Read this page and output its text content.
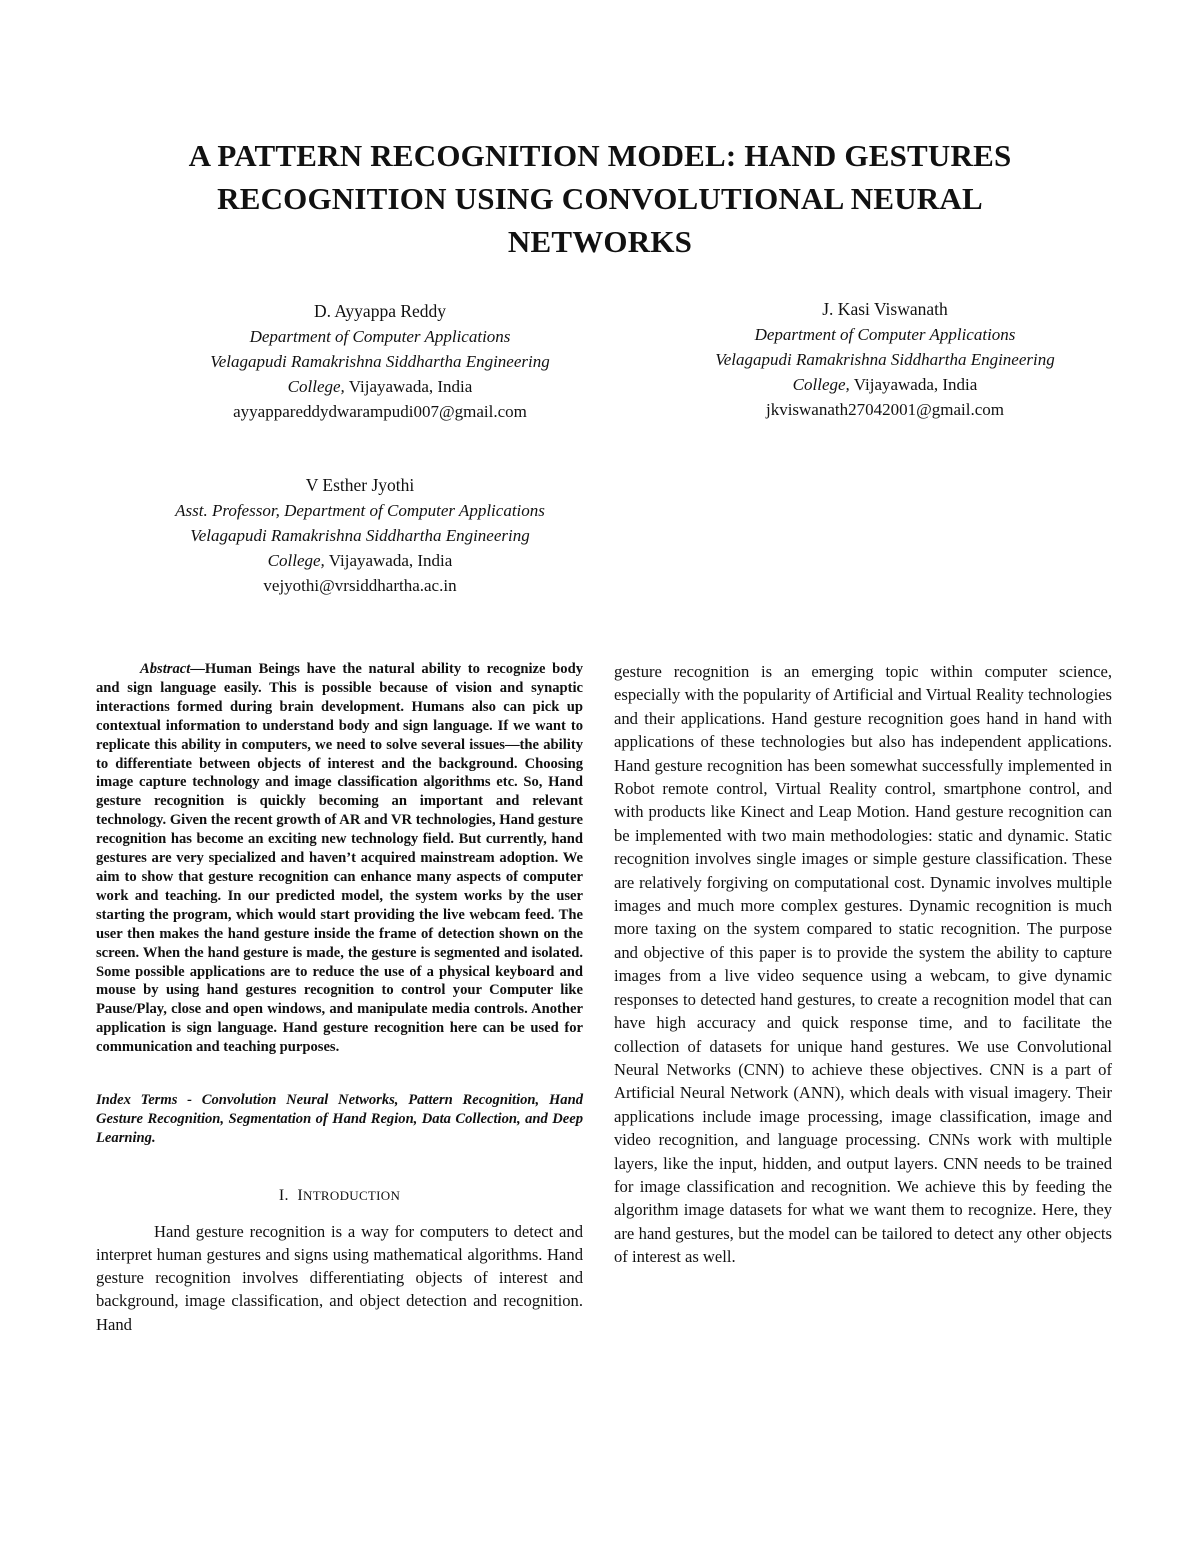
A PATTERN RECOGNITION MODEL: HAND GESTURES
RECOGNITION USING CONVOLUTIONAL NEURAL
NETWORKS
D. Ayyappa Reddy
Department of Computer Applications
Velagapudi Ramakrishna Siddhartha Engineering
College, Vijayawada, India
ayyappareddydwarampudi007@gmail.com
J. Kasi Viswanath
Department of Computer Applications
Velagapudi Ramakrishna Siddhartha Engineering
College, Vijayawada, India
jkviswanath27042001@gmail.com
V Esther Jyothi
Asst. Professor, Department of Computer Applications
Velagapudi Ramakrishna Siddhartha Engineering
College, Vijayawada, India
vejyothi@vrsiddhartha.ac.in

Abstract—Human Beings have the natural ability to recognize body and sign language easily. This is possible because of vision and synaptic interactions formed during brain development. Humans also can pick up contextual information to understand body and sign language. If we want to replicate this ability in computers, we need to solve several issues—the ability to differentiate between objects of interest and the background. Choosing image capture technology and image classification algorithms etc. So, Hand gesture recognition is quickly becoming an important and relevant technology. Given the recent growth of AR and VR technologies, Hand gesture recognition has become an exciting new technology field. But currently, hand gestures are very specialized and haven’t acquired mainstream adoption. We aim to show that gesture recognition can enhance many aspects of computer work and teaching. In our predicted model, the system works by the user starting the program, which would start providing the live webcam feed. The user then makes the hand gesture inside the frame of detection shown on the screen. When the hand gesture is made, the gesture is segmented and isolated. Some possible applications are to reduce the use of a physical keyboard and mouse by using hand gestures recognition to control your Computer like Pause/Play, close and open windows, and manipulate media controls. Another application is sign language. Hand gesture recognition here can be used for communication and teaching purposes.

Index Terms - Convolution Neural Networks, Pattern Recognition, Hand Gesture Recognition, Segmentation of Hand Region, Data Collection, and Deep Learning.

I. INTRODUCTION

Hand gesture recognition is a way for computers to detect and interpret human gestures and signs using mathematical algorithms. Hand gesture recognition involves differentiating objects of interest and background, image classification, and object detection and recognition. Hand

gesture recognition is an emerging topic within computer science, especially with the popularity of Artificial and Virtual Reality technologies and their applications. Hand gesture recognition goes hand in hand with applications of these technologies but also has independent applications. Hand gesture recognition has been somewhat successfully implemented in Robot remote control, Virtual Reality control, smartphone control, and with products like Kinect and Leap Motion. Hand gesture recognition can be implemented with two main methodologies: static and dynamic. Static recognition involves single images or simple gesture classification. These are relatively forgiving on computational cost. Dynamic involves multiple images and much more complex gestures. Dynamic recognition is much more taxing on the system compared to static recognition. The purpose and objective of this paper is to provide the system the ability to capture images from a live video sequence using a webcam, to give dynamic responses to detected hand gestures, to create a recognition model that can have high accuracy and quick response time, and to facilitate the collection of datasets for unique hand gestures. We use Convolutional Neural Networks (CNN) to achieve these objectives. CNN is a part of Artificial Neural Network (ANN), which deals with visual imagery. Their applications include image processing, image classification, image and video recognition, and language processing. CNNs work with multiple layers, like the input, hidden, and output layers. CNN needs to be trained for image classification and recognition. We achieve this by feeding the algorithm image datasets for what we want them to recognize. Here, they are hand gestures, but the model can be tailored to detect any other objects of interest as well.
